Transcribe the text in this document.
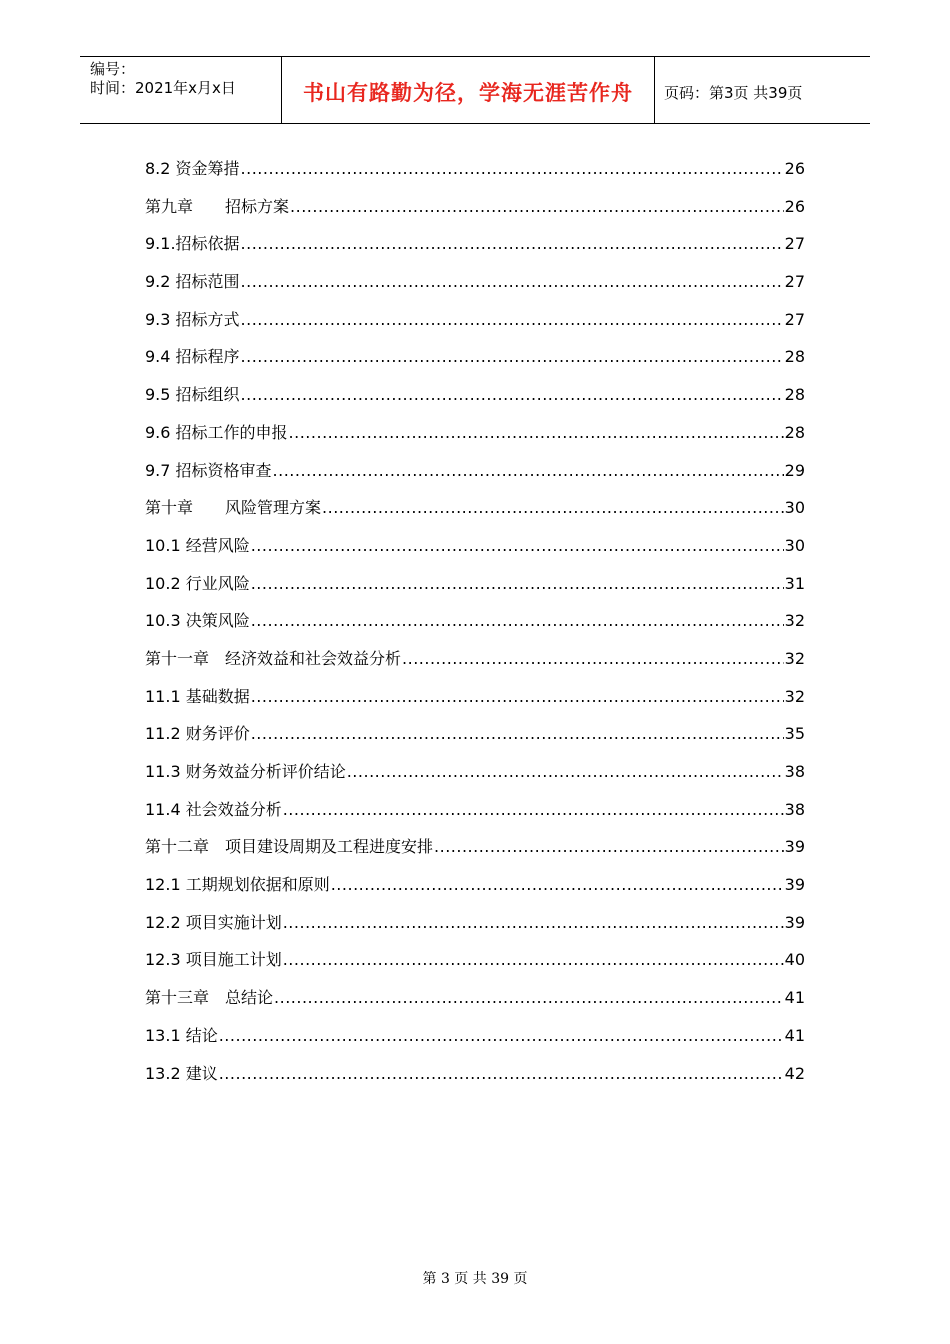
编号：
时间：2021年x月x日	书山有路勤为径，学海无涯苦作舟	页码：第3页 共39页
8.2 资金筹措 .....	26
第九章　　招标方案 .....	26
9.1.招标依据 .....	27
9.2 招标范围 .....	27
9.3 招标方式 .....	27
9.4 招标程序 .....	28
9.5 招标组织 .....	28
9.6 招标工作的申报 .....	28
9.7 招标资格审查 .....	29
第十章　　风险管理方案 .....	30
10.1 经营风险 .....	30
10.2 行业风险 .....	31
10.3 决策风险 .....	32
第十一章　经济效益和社会效益分析 .....	32
11.1 基础数据 .....	32
11.2 财务评价 .....	35
11.3 财务效益分析评价结论 .....	38
11.4 社会效益分析 .....	38
第十二章　项目建设周期及工程进度安排 .....	39
12.1 工期规划依据和原则 .....	39
12.2 项目实施计划 .....	39
12.3 项目施工计划 .....	40
第十三章　总结论 .....	41
13.1 结论 .....	41
13.2 建议 .....	42
第 3 页 共 39 页
